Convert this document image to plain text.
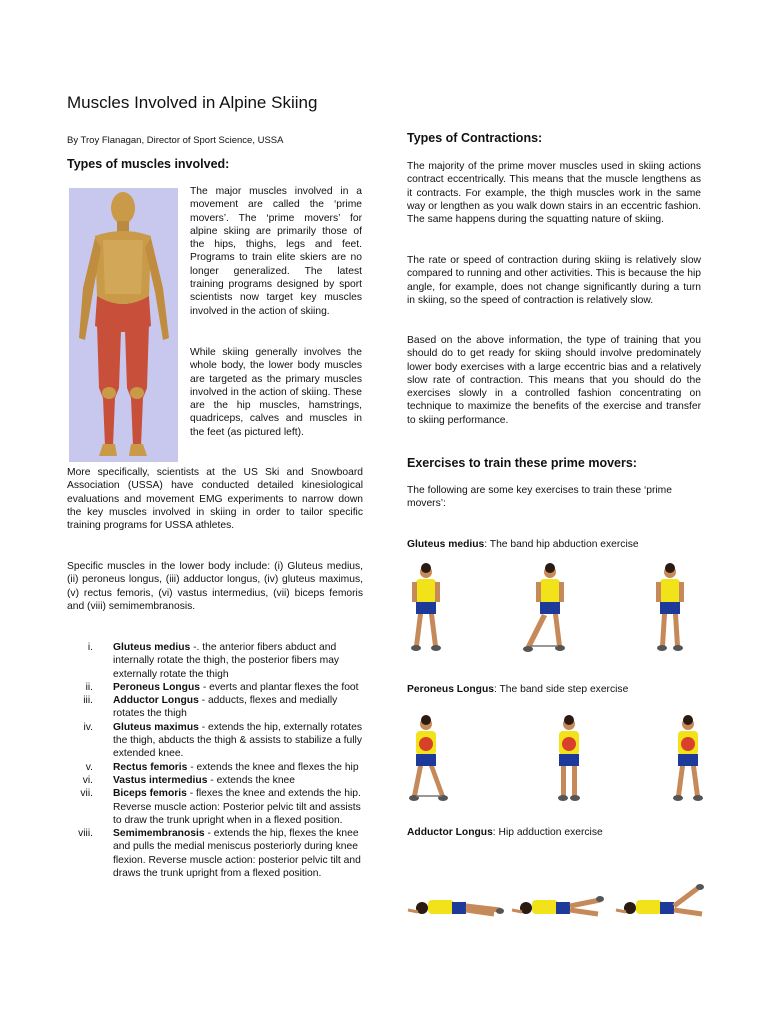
Muscles Involved in Alpine Skiing
By Troy Flanagan, Director of Sport Science, USSA
Types of muscles involved:
The major muscles involved in a movement are called the ‘prime movers’. The ‘prime movers’ for alpine skiing are primarily those of the hips, thighs, legs and feet. Programs to train elite skiers are no longer generalized. The latest training programs designed by sport scientists now target key muscles involved in the action of skiing.
While skiing generally involves the whole body, the lower body muscles are targeted as the primary muscles involved in the action of skiing. These are the hip muscles, hamstrings, quadriceps, calves and muscles in the feet (as pictured left).
More specifically, scientists at the US Ski and Snowboard Association (USSA) have conducted detailed kinesiological evaluations and movement EMG experiments to narrow down the key muscles involved in skiing in order to tailor specific training programs for USSA athletes.
Specific muscles in the lower body include: (i) Gluteus medius, (ii) peroneus longus, (iii) adductor longus, (iv) gluteus maximus, (v) rectus femoris, (vi) vastus intermedius, (vii) biceps femoris and (viii) semimembranosis.
i. Gluteus medius -. the anterior fibers abduct and internally rotate the thigh, the posterior fibers may externally rotate the thigh
ii. Peroneus Longus - everts and plantar flexes the foot
iii. Adductor Longus - adducts, flexes and medially rotates the thigh
iv. Gluteus maximus - extends the hip, externally rotates the thigh, abducts the thigh & assists to stabilize a fully extended knee.
v. Rectus femoris - extends the knee and flexes the hip
vi. Vastus intermedius - extends the knee
vii. Biceps femoris - flexes the knee and extends the hip. Reverse muscle action: Posterior pelvic tilt and assists to draw the trunk upright when in a flexed position.
viii. Semimembranosis - extends the hip, flexes the knee and pulls the medial meniscus posteriorly during knee flexion. Reverse muscle action: posterior pelvic tilt and draws the trunk upright from a flexed position.
Types of Contractions:
The majority of the prime mover muscles used in skiing actions contract eccentrically. This means that the muscle lengthens as it contracts. For example, the thigh muscles work in the same way or lengthen as you walk down stairs in an eccentric fashion. The same happens during the squatting nature of skiing.
The rate or speed of contraction during skiing is relatively slow compared to running and other activities. This is because the hip angle, for example, does not change significantly during a turn in skiing, so the speed of contraction is relatively slow.
Based on the above information, the type of training that you should do to get ready for skiing should involve predominately lower body exercises with a large eccentric bias and a relatively slow rate of contraction. This means that you should do the exercises slowly in a controlled fashion concentrating on technique to maximize the benefits of the exercise and transfer to skiing performance.
Exercises to train these prime movers:
The following are some key exercises to train these ‘prime movers’:
Gluteus medius: The band hip abduction exercise
Peroneus Longus: The band side step exercise
Adductor Longus: Hip adduction exercise
